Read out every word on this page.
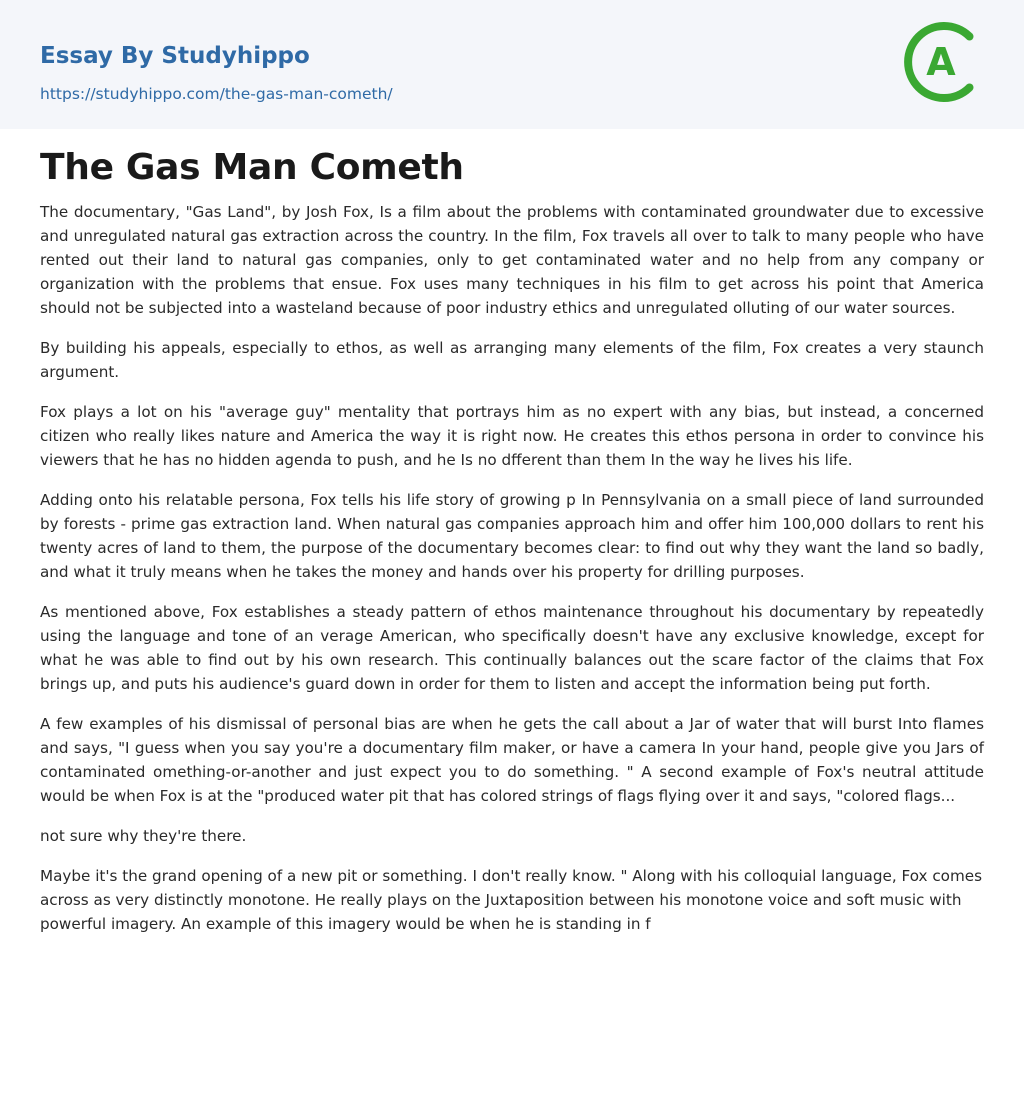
Essay By Studyhippo
https://studyhippo.com/the-gas-man-cometh/
A
The Gas Man Cometh

The documentary, "Gas Land", by Josh Fox, Is a film about the problems with contaminated groundwater due to excessive and unregulated natural gas extraction across the country. In the film, Fox travels all over to talk to many people who have rented out their land to natural gas companies, only to get contaminated water and no help from any company or organization with the problems that ensue. Fox uses many techniques in his film to get across his point that America should not be subjected into a wasteland because of poor industry ethics and unregulated olluting of our water sources.

By building his appeals, especially to ethos, as well as arranging many elements of the film, Fox creates a very staunch argument.

Fox plays a lot on his "average guy" mentality that portrays him as no expert with any bias, but instead, a concerned citizen who really likes nature and America the way it is right now. He creates this ethos persona in order to convince his viewers that he has no hidden agenda to push, and he Is no dfferent than them In the way he lives his life.

Adding onto his relatable persona, Fox tells his life story of growing p In Pennsylvania on a small piece of land surrounded by forests - prime gas extraction land. When natural gas companies approach him and offer him 100,000 dollars to rent his twenty acres of land to them, the purpose of the documentary becomes clear: to find out why they want the land so badly, and what it truly means when he takes the money and hands over his property for drilling purposes.

As mentioned above, Fox establishes a steady pattern of ethos maintenance throughout his documentary by repeatedly using the language and tone of an verage American, who specifically doesn't have any exclusive knowledge, except for what he was able to find out by his own research. This continually balances out the scare factor of the claims that Fox brings up, and puts his audience's guard down in order for them to listen and accept the information being put forth.

A few examples of his dismissal of personal bias are when he gets the call about a Jar of water that will burst Into flames and says, "I guess when you say you're a documentary film maker, or have a camera In your hand, people give you Jars of contaminated omething-or-another and just expect you to do something. " A second example of Fox's neutral attitude would be when Fox is at the "produced water pit that has colored strings of flags flying over it and says, "colored flags...

not sure why they're there.

Maybe it's the grand opening of a new pit or something. I don't really know. " Along with his colloquial language, Fox comes across as very distinctly monotone. He really plays on the Juxtaposition between his monotone voice and soft music with powerful imagery. An example of this imagery would be when he is standing in f
